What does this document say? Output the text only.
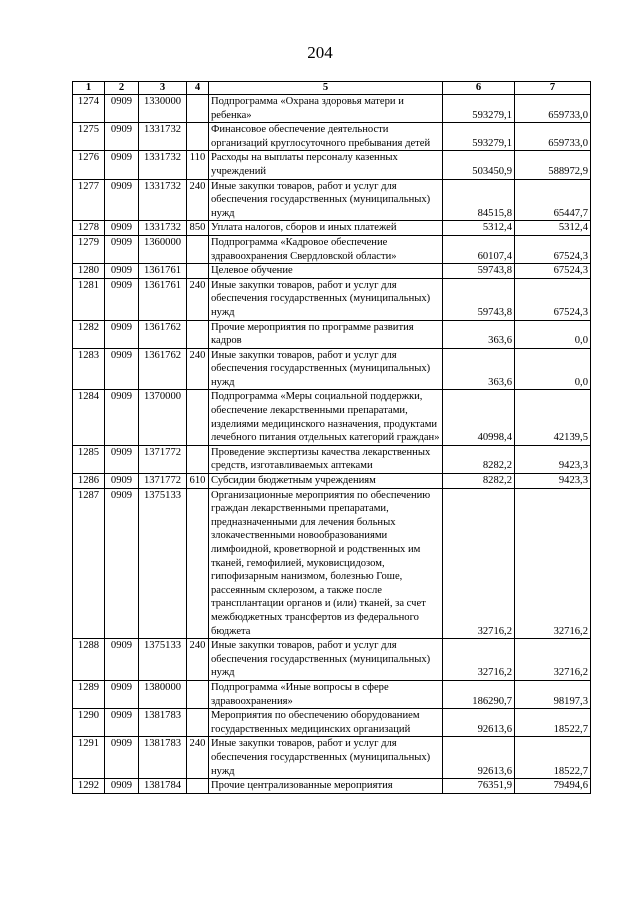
204
1	2	3	4	5	6	7
1274	0909	1330000		Подпрограмма «Охрана здоровья матери и ребенка»	593279,1	659733,0
1275	0909	1331732		Финансовое обеспечение деятельности организаций круглосуточного пребывания детей	593279,1	659733,0
1276	0909	1331732	110	Расходы на выплаты персоналу казенных учреждений	503450,9	588972,9
1277	0909	1331732	240	Иные закупки товаров, работ и услуг для обеспечения государственных (муниципальных) нужд	84515,8	65447,7
1278	0909	1331732	850	Уплата налогов, сборов и иных платежей	5312,4	5312,4
1279	0909	1360000		Подпрограмма «Кадровое обеспечение здравоохранения Свердловской области»	60107,4	67524,3
1280	0909	1361761		Целевое обучение	59743,8	67524,3
1281	0909	1361761	240	Иные закупки товаров, работ и услуг для обеспечения государственных (муниципальных) нужд	59743,8	67524,3
1282	0909	1361762		Прочие мероприятия по программе развития кадров	363,6	0,0
1283	0909	1361762	240	Иные закупки товаров, работ и услуг для обеспечения государственных (муниципальных) нужд	363,6	0,0
1284	0909	1370000		Подпрограмма «Меры социальной поддержки, обеспечение лекарственными препаратами, изделиями медицинского назначения, продуктами лечебного питания отдельных категорий граждан»	40998,4	42139,5
1285	0909	1371772		Проведение экспертизы качества лекарственных средств, изготавливаемых аптеками	8282,2	9423,3
1286	0909	1371772	610	Субсидии бюджетным учреждениям	8282,2	9423,3
1287	0909	1375133		Организационные мероприятия по обеспечению граждан лекарственными препаратами, предназначенными для лечения больных злокачественными новообразованиями лимфоидной, кроветворной и родственных им тканей, гемофилией, муковисцидозом, гипофизарным нанизмом, болезнью Гоше, рассеянным склерозом, а также после трансплантации органов и (или) тканей, за счет межбюджетных трансфертов из федерального бюджета	32716,2	32716,2
1288	0909	1375133	240	Иные закупки товаров, работ и услуг для обеспечения государственных (муниципальных) нужд	32716,2	32716,2
1289	0909	1380000		Подпрограмма «Иные вопросы в сфере здравоохранения»	186290,7	98197,3
1290	0909	1381783		Мероприятия по обеспечению оборудованием государственных медицинских организаций	92613,6	18522,7
1291	0909	1381783	240	Иные закупки товаров, работ и услуг для обеспечения государственных (муниципальных) нужд	92613,6	18522,7
1292	0909	1381784		Прочие централизованные мероприятия	76351,9	79494,6
